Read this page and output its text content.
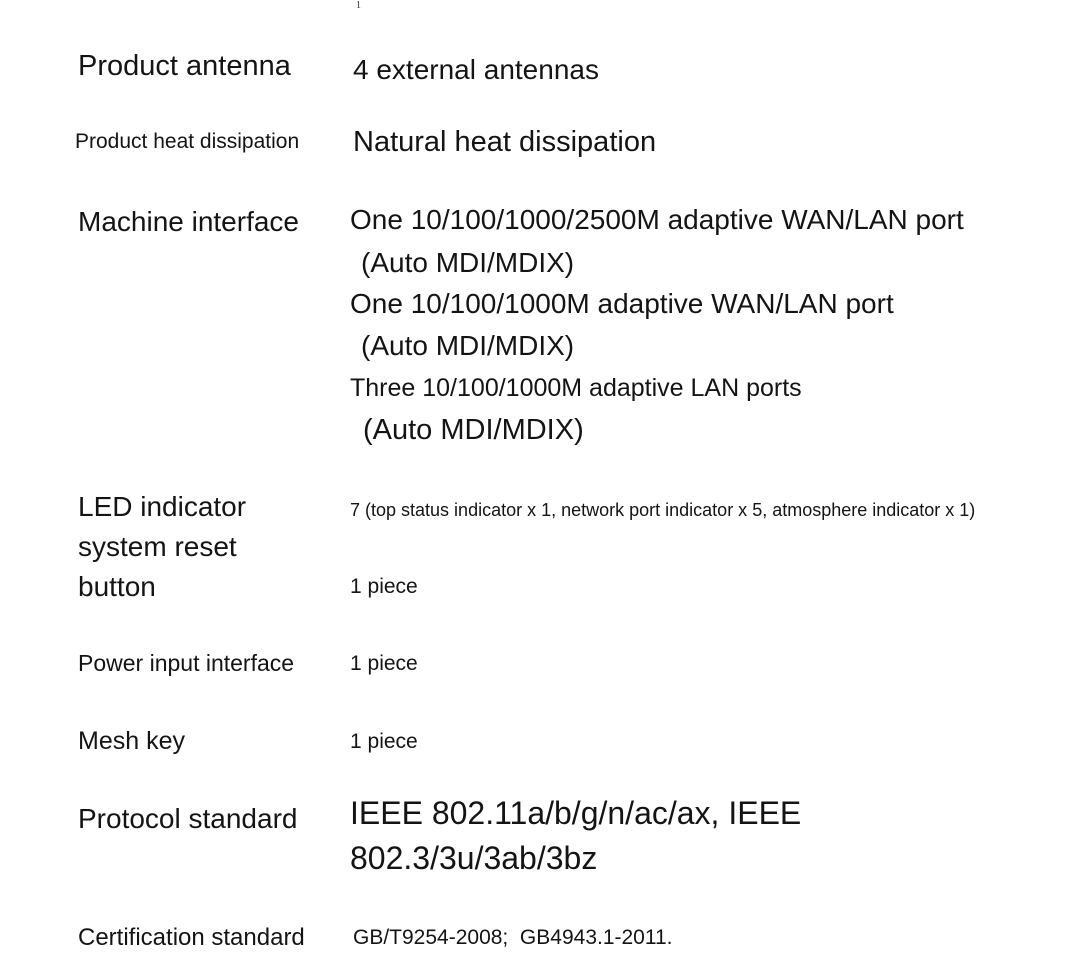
1
Product antenna 4 external antennas
Product heat dissipation Natural heat dissipation
Machine interface One 10/100/1000/2500M adaptive WAN/LAN port
(Auto MDI/MDIX)
One 10/100/1000M adaptive WAN/LAN port
(Auto MDI/MDIX)
Three 10/100/1000M adaptive LAN ports
(Auto MDI/MDIX)
LED indicator
system reset
button
7 (top status indicator x 1, network port indicator x 5, atmosphere indicator x 1)
1 piece
Power input interface	1 piece
Mesh key	1 piece
Protocol standard IEEE 802.11a/b/g/n/ac/ax, IEEE
802.3/3u/3ab/3bz
Certification standard GB/T9254-2008;  GB4943.1-2011.
